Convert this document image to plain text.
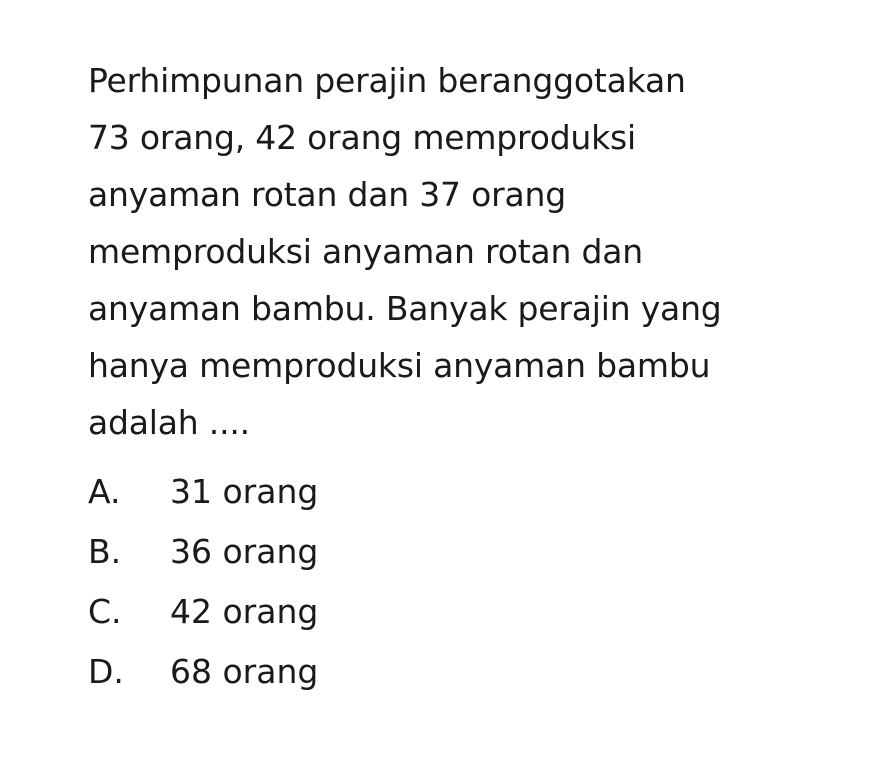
Perhimpunan perajin beranggotakan
73 orang, 42 orang memproduksi
anyaman rotan dan 37 orang
memproduksi anyaman rotan dan
anyaman bambu. Banyak perajin yang
hanya memproduksi anyaman bambu
adalah ....
A.	31 orang
B.	36 orang
C.	42 orang
D.	68 orang
